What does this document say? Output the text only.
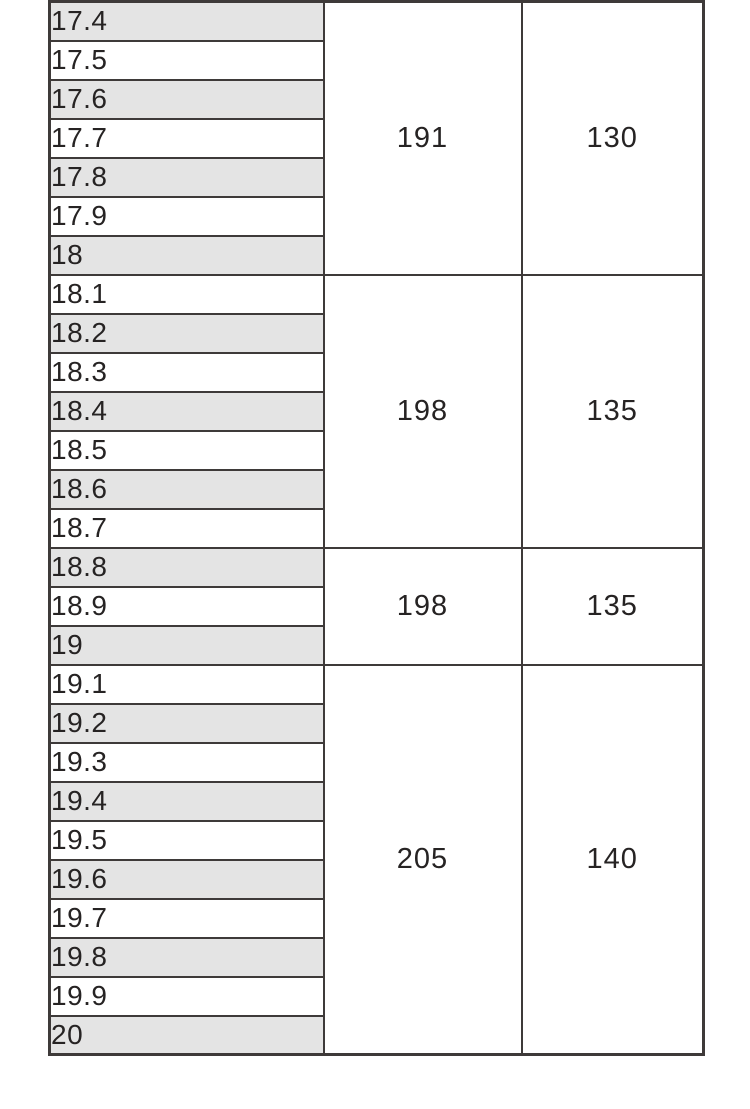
17.4	191	130
17.5		
17.6		
17.7		
17.8		
17.9		
18		
18.1	198	135
18.2		
18.3		
18.4		
18.5		
18.6		
18.7		
18.8	198	135
18.9		
19		
19.1	205	140
19.2		
19.3		
19.4		
19.5		
19.6		
19.7		
19.8		
19.9		
20		
